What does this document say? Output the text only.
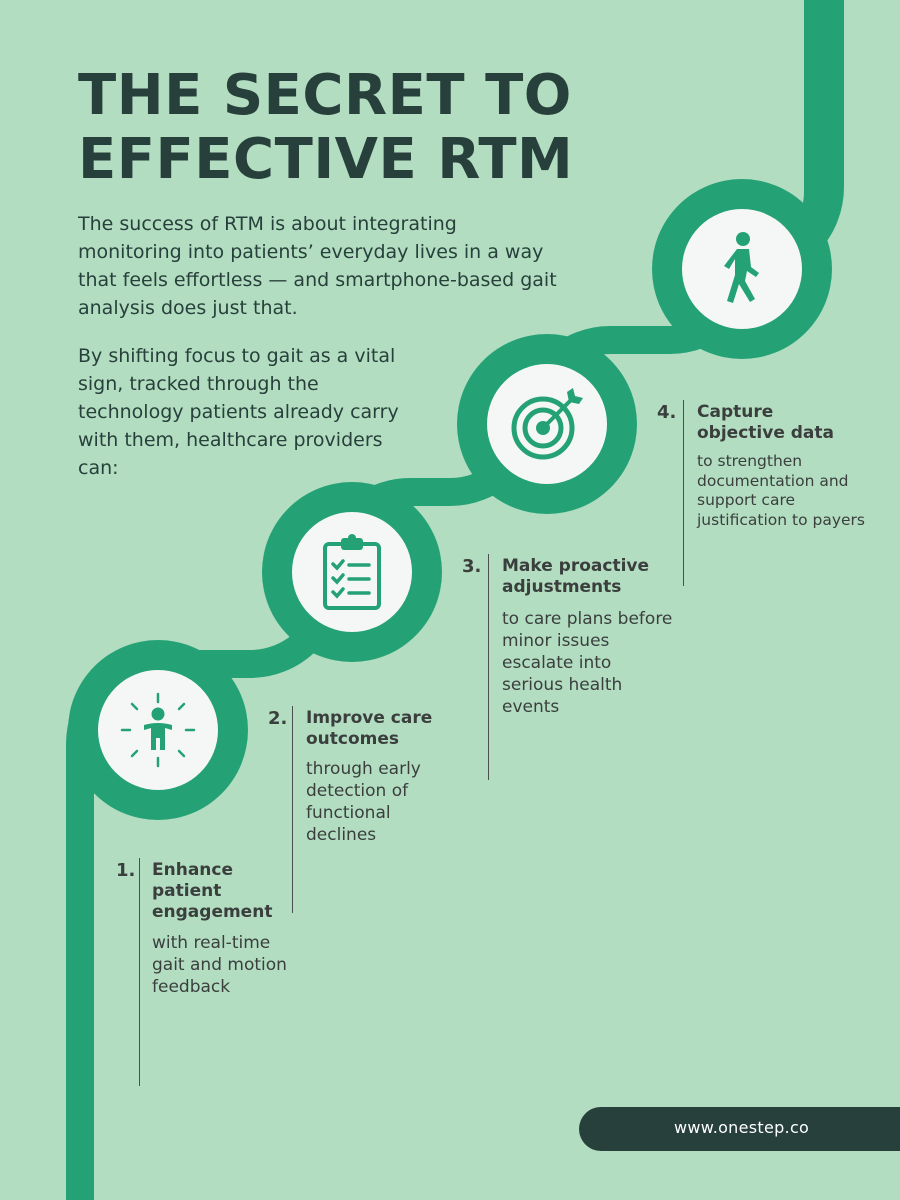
THE SECRET TO EFFECTIVE RTM

The success of RTM is about integrating monitoring into patients’ everyday lives in a way that feels effortless — and smartphone-based gait analysis does just that.

By shifting focus to gait as a vital sign, tracked through the technology patients already carry with them, healthcare providers can:

1. Enhance patient engagement

with real-time gait and motion feedback

2. Improve care outcomes

through early detection of functional declines

3. Make proactive adjustments

to care plans before minor issues escalate into serious health events

4. Capture objective data

to strengthen documentation and support care justification to payers

www.onestep.co
